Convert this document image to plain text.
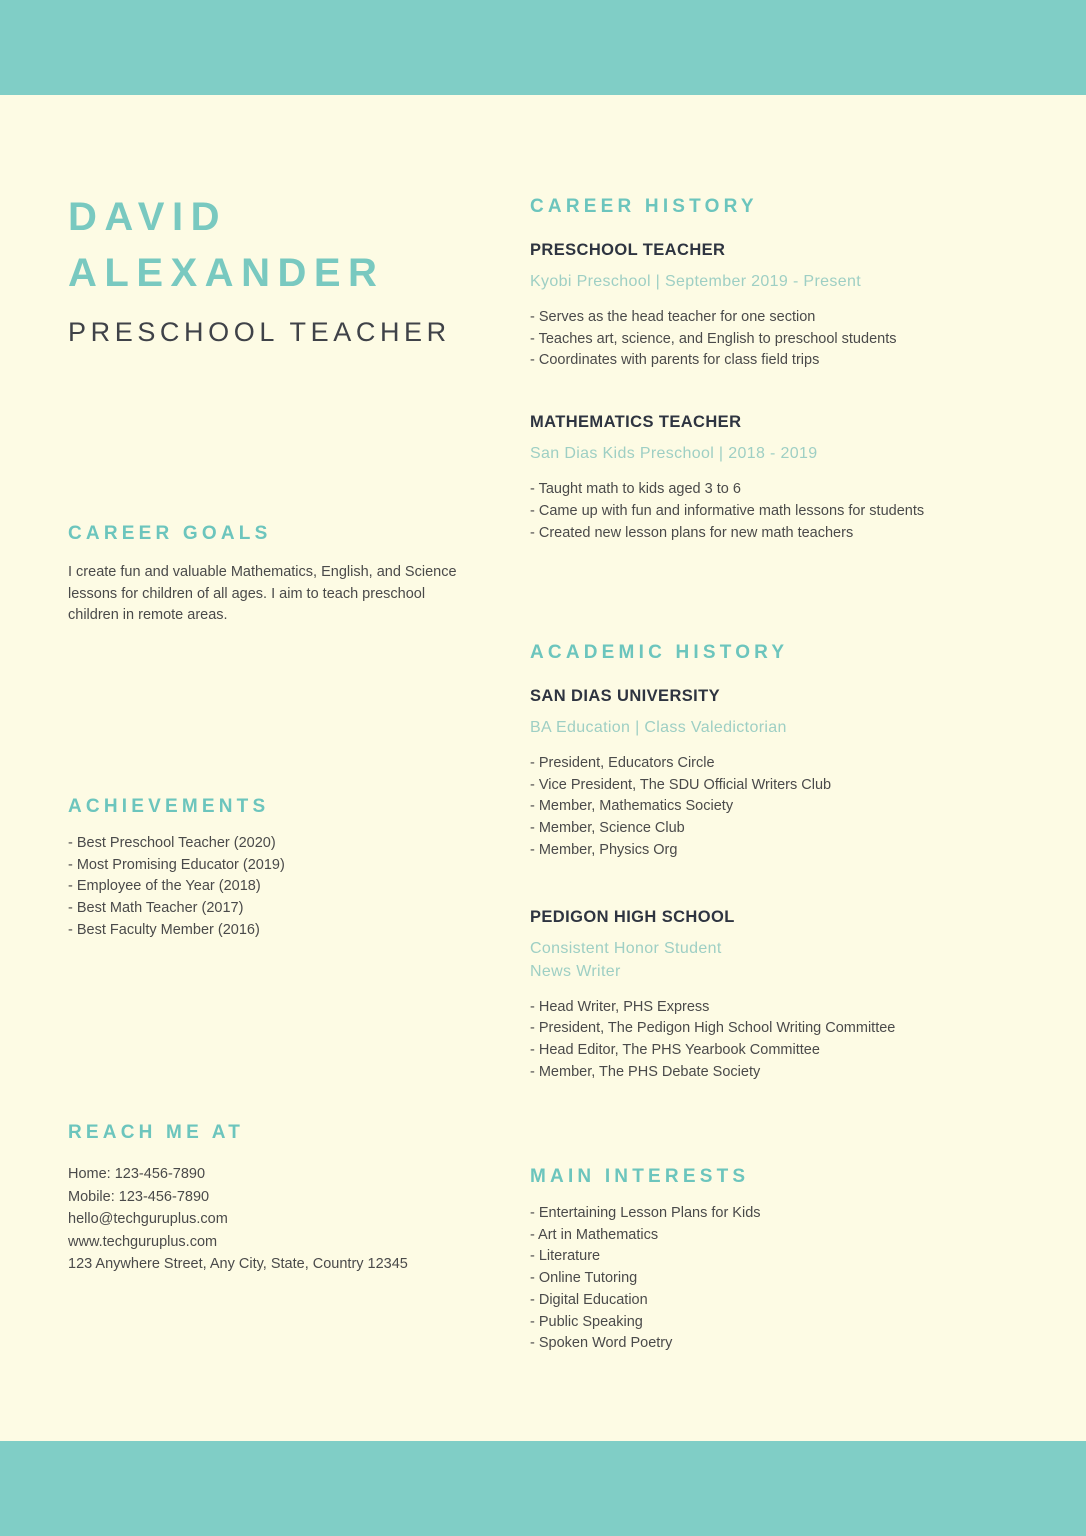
DAVID
ALEXANDER
PRESCHOOL TEACHER
CAREER GOALS
I create fun and valuable Mathematics, English, and Science lessons for children of all ages. I aim to teach preschool children in remote areas.
ACHIEVEMENTS
- Best Preschool Teacher (2020)
- Most Promising Educator (2019)
- Employee of the Year (2018)
- Best Math Teacher (2017)
- Best Faculty Member (2016)
REACH ME AT
Home: 123-456-7890
Mobile: 123-456-7890
hello@techguruplus.com
www.techguruplus.com
123 Anywhere Street, Any City, State, Country 12345
CAREER HISTORY
PRESCHOOL TEACHER
Kyobi Preschool | September 2019 - Present
- Serves as the head teacher for one section
- Teaches art, science, and English to preschool students
- Coordinates with parents for class field trips
MATHEMATICS TEACHER
San Dias Kids Preschool | 2018 - 2019
- Taught math to kids aged 3 to 6
- Came up with fun and informative math lessons for students
- Created new lesson plans for new math teachers
ACADEMIC HISTORY
SAN DIAS UNIVERSITY
BA Education | Class Valedictorian
- President, Educators Circle
- Vice President, The SDU Official Writers Club
- Member, Mathematics Society
- Member, Science Club
- Member, Physics Org
PEDIGON HIGH SCHOOL
Consistent Honor Student
News Writer
- Head Writer, PHS Express
- President, The Pedigon High School Writing Committee
- Head Editor, The PHS Yearbook Committee
- Member, The PHS Debate Society
MAIN INTERESTS
- Entertaining Lesson Plans for Kids
- Art in Mathematics
- Literature
- Online Tutoring
- Digital Education
- Public Speaking
- Spoken Word Poetry
